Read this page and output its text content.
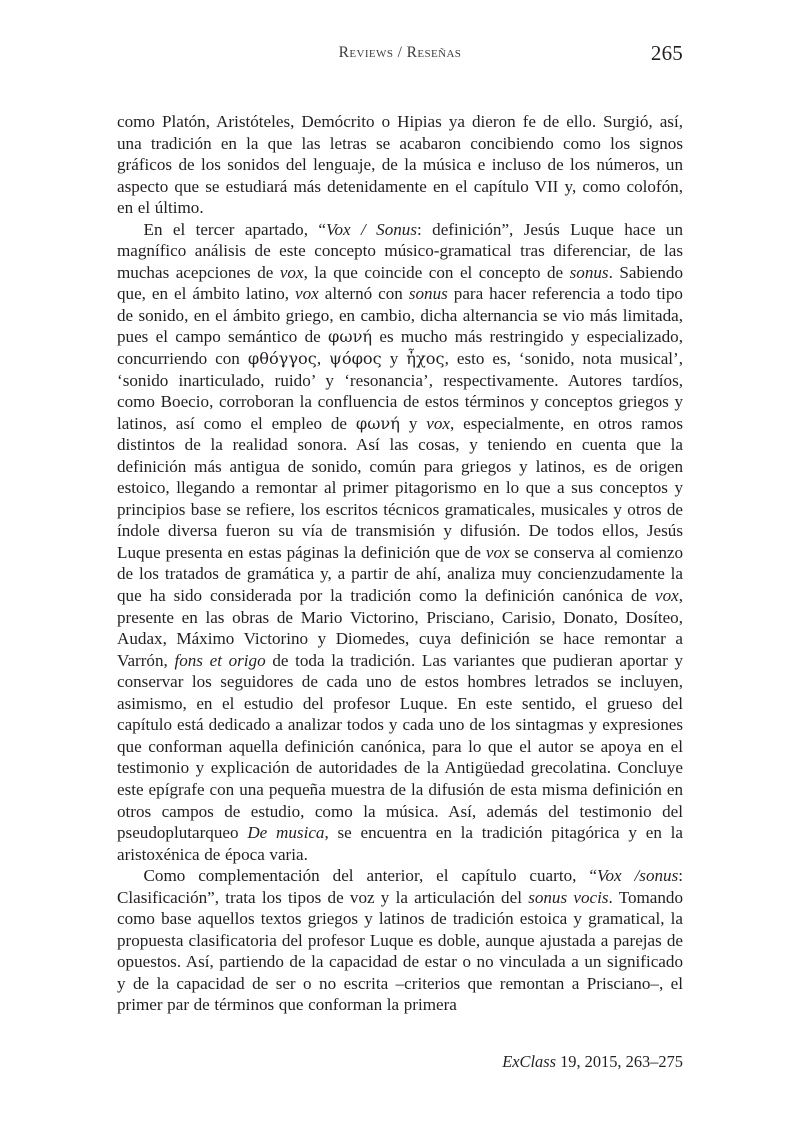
Reviews / Reseñas	265

como Platón, Aristóteles, Demócrito o Hipias ya dieron fe de ello. Surgió, así, una tradición en la que las letras se acabaron concibiendo como los signos gráficos de los sonidos del lenguaje, de la música e incluso de los números, un aspecto que se estudiará más detenidamente en el capítulo VII y, como colofón, en el último.

En el tercer apartado, “Vox / Sonus: definición”, Jesús Luque hace un magnífico análisis de este concepto músico-gramatical tras diferenciar, de las muchas acepciones de vox, la que coincide con el concepto de sonus. Sabiendo que, en el ámbito latino, vox alternó con sonus para hacer referencia a todo tipo de sonido, en el ámbito griego, en cambio, dicha alternancia se vio más limitada, pues el campo semántico de φωνή es mucho más restringido y especializado, concurriendo con φθόγγος, ψόφος y ἦχος, esto es, ‘sonido, nota musical’, ‘sonido inarticulado, ruido’ y ‘resonancia’, respectivamente. Autores tardíos, como Boecio, corroboran la confluencia de estos términos y conceptos griegos y latinos, así como el empleo de φωνή y vox, especialmente, en otros ramos distintos de la realidad sonora. Así las cosas, y teniendo en cuenta que la definición más antigua de sonido, común para griegos y latinos, es de origen estoico, llegando a remontar al primer pitagorismo en lo que a sus conceptos y principios base se refiere, los escritos técnicos gramaticales, musicales y otros de índole diversa fueron su vía de transmisión y difusión. De todos ellos, Jesús Luque presenta en estas páginas la definición que de vox se conserva al comienzo de los tratados de gramática y, a partir de ahí, analiza muy concienzudamente la que ha sido considerada por la tradición como la definición canónica de vox, presente en las obras de Mario Victorino, Prisciano, Carisio, Donato, Dosíteo, Audax, Máximo Victorino y Diomedes, cuya definición se hace remontar a Varrón, fons et origo de toda la tradición. Las variantes que pudieran aportar y conservar los seguidores de cada uno de estos hombres letrados se incluyen, asimismo, en el estudio del profesor Luque. En este sentido, el grueso del capítulo está dedicado a analizar todos y cada uno de los sintagmas y expresiones que conforman aquella definición canónica, para lo que el autor se apoya en el testimonio y explicación de autoridades de la Antigüedad grecolatina. Concluye este epígrafe con una pequeña muestra de la difusión de esta misma definición en otros campos de estudio, como la música. Así, además del testimonio del pseudoplutarqueo De musica, se encuentra en la tradición pitagórica y en la aristoxénica de época varia.

Como complementación del anterior, el capítulo cuarto, “Vox /sonus: Clasificación”, trata los tipos de voz y la articulación del sonus vocis. Tomando como base aquellos textos griegos y latinos de tradición estoica y gramatical, la propuesta clasificatoria del profesor Luque es doble, aunque ajustada a parejas de opuestos. Así, partiendo de la capacidad de estar o no vinculada a un significado y de la capacidad de ser o no escrita –criterios que remontan a Prisciano–, el primer par de términos que conforman la primera

ExClass 19, 2015, 263–275
